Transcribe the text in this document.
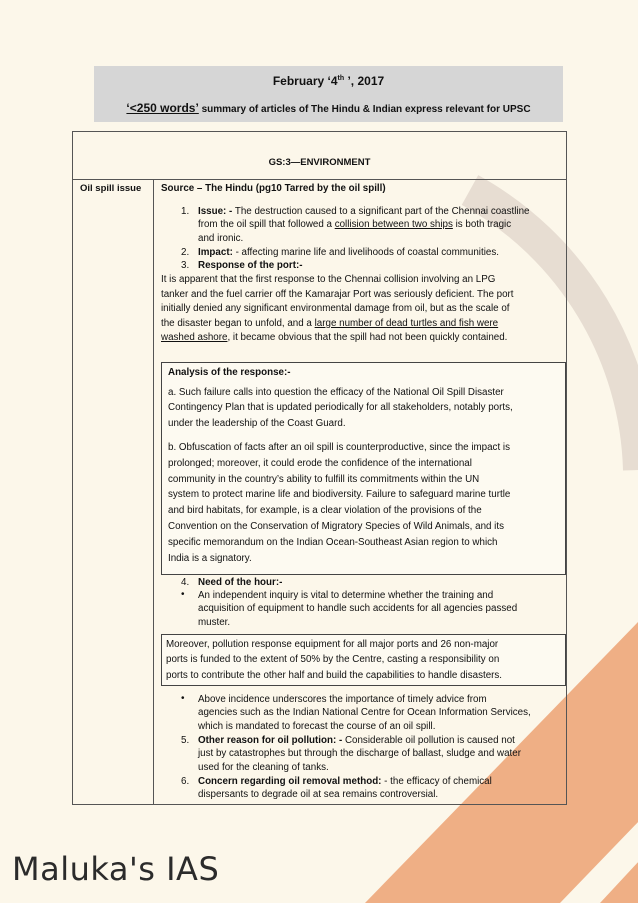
February ‘4th ’, 2017
‘<250 words’ summary of articles of The Hindu & Indian express relevant for UPSC
GS:3—ENVIRONMENT
Oil spill issue Source – The Hindu (pg10 Tarred by the oil spill)
1. Issue: - The destruction caused to a significant part of the Chennai coastline
from the oil spill that followed a collision between two ships is both tragic
and ironic.
2. Impact: - affecting marine life and livelihoods of coastal communities.
3. Response of the port:-
It is apparent that the first response to the Chennai collision involving an LPG
tanker and the fuel carrier off the Kamarajar Port was seriously deficient. The port
initially denied any significant environmental damage from oil, but as the scale of
the disaster began to unfold, and a large number of dead turtles and fish were
washed ashore, it became obvious that the spill had not been quickly contained.
Analysis of the response:-
a. Such failure calls into question the efficacy of the National Oil Spill Disaster
Contingency Plan that is updated periodically for all stakeholders, notably ports,
under the leadership of the Coast Guard.
b. Obfuscation of facts after an oil spill is counterproductive, since the impact is
prolonged; moreover, it could erode the confidence of the international
community in the country’s ability to fulfill its commitments within the UN
system to protect marine life and biodiversity. Failure to safeguard marine turtle
and bird habitats, for example, is a clear violation of the provisions of the
Convention on the Conservation of Migratory Species of Wild Animals, and its
specific memorandum on the Indian Ocean-Southeast Asian region to which
India is a signatory.
4. Need of the hour:-
• An independent inquiry is vital to determine whether the training and
acquisition of equipment to handle such accidents for all agencies passed
muster.
Moreover, pollution response equipment for all major ports and 26 non-major
ports is funded to the extent of 50% by the Centre, casting a responsibility on
ports to contribute the other half and build the capabilities to handle disasters.
• Above incidence underscores the importance of timely advice from
agencies such as the Indian National Centre for Ocean Information Services,
which is mandated to forecast the course of an oil spill.
5. Other reason for oil pollution: - Considerable oil pollution is caused not
just by catastrophes but through the discharge of ballast, sludge and water
used for the cleaning of tanks.
6. Concern regarding oil removal method: - the efficacy of chemical
dispersants to degrade oil at sea remains controversial.
Maluka's IAS
